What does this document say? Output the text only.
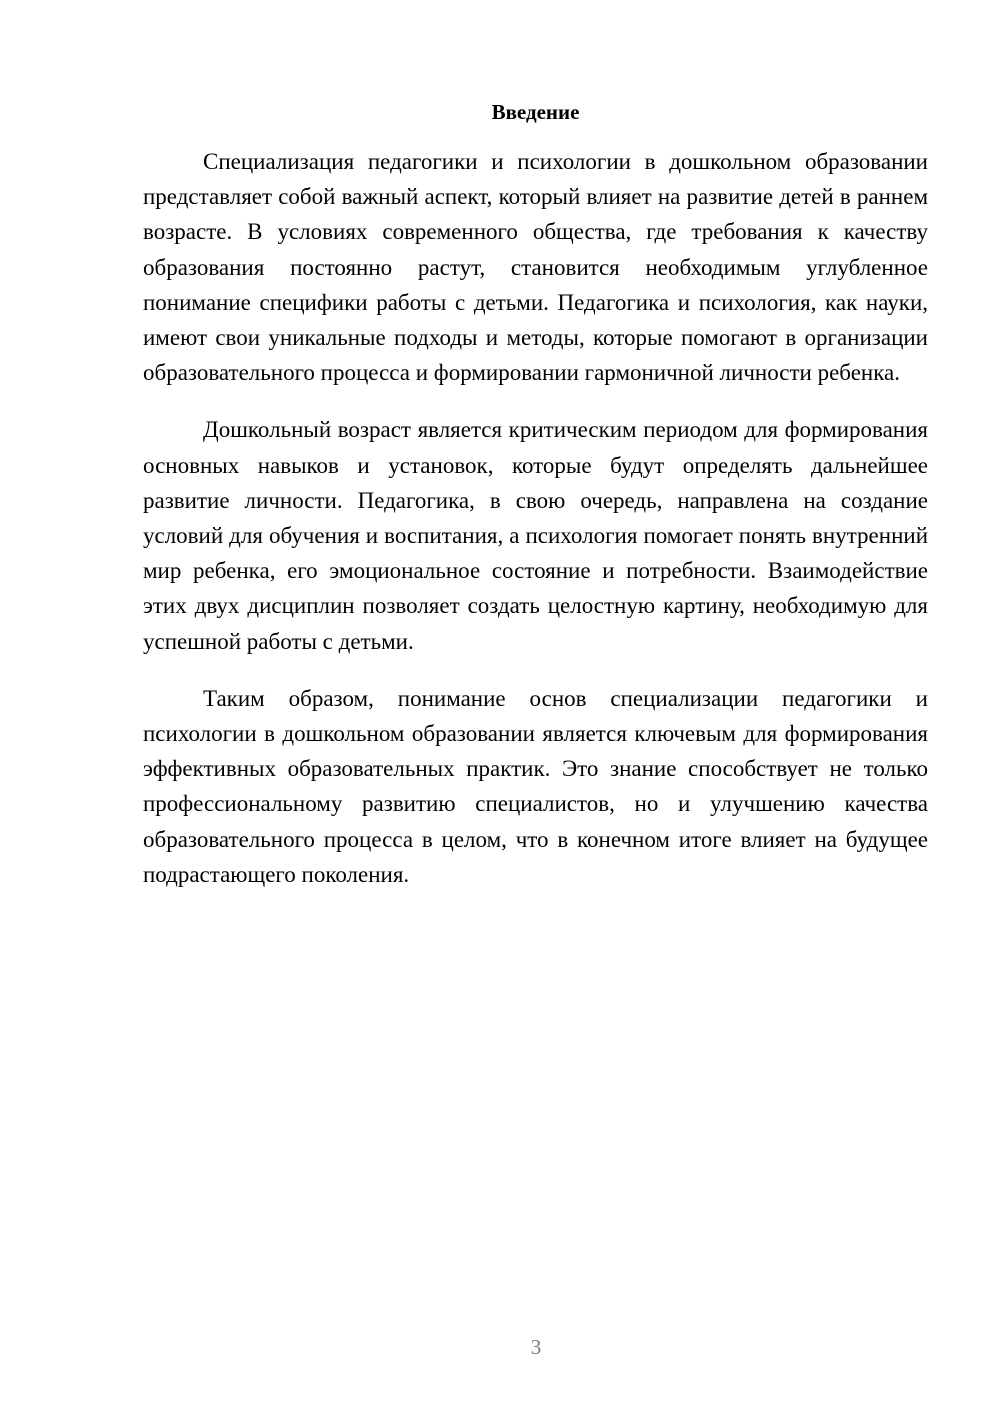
Введение

Специализация педагогики и психологии в дошкольном образовании представляет собой важный аспект, который влияет на развитие детей в раннем возрасте. В условиях современного общества, где требования к качеству образования постоянно растут, становится необходимым углубленное понимание специфики работы с детьми. Педагогика и психология, как науки, имеют свои уникальные подходы и методы, которые помогают в организации образовательного процесса и формировании гармоничной личности ребенка.

Дошкольный возраст является критическим периодом для формирования основных навыков и установок, которые будут определять дальнейшее развитие личности. Педагогика, в свою очередь, направлена на создание условий для обучения и воспитания, а психология помогает понять внутренний мир ребенка, его эмоциональное состояние и потребности. Взаимодействие этих двух дисциплин позволяет создать целостную картину, необходимую для успешной работы с детьми.

Таким образом, понимание основ специализации педагогики и психологии в дошкольном образовании является ключевым для формирования эффективных образовательных практик. Это знание способствует не только профессиональному развитию специалистов, но и улучшению качества образовательного процесса в целом, что в конечном итоге влияет на будущее подрастающего поколения.

3
